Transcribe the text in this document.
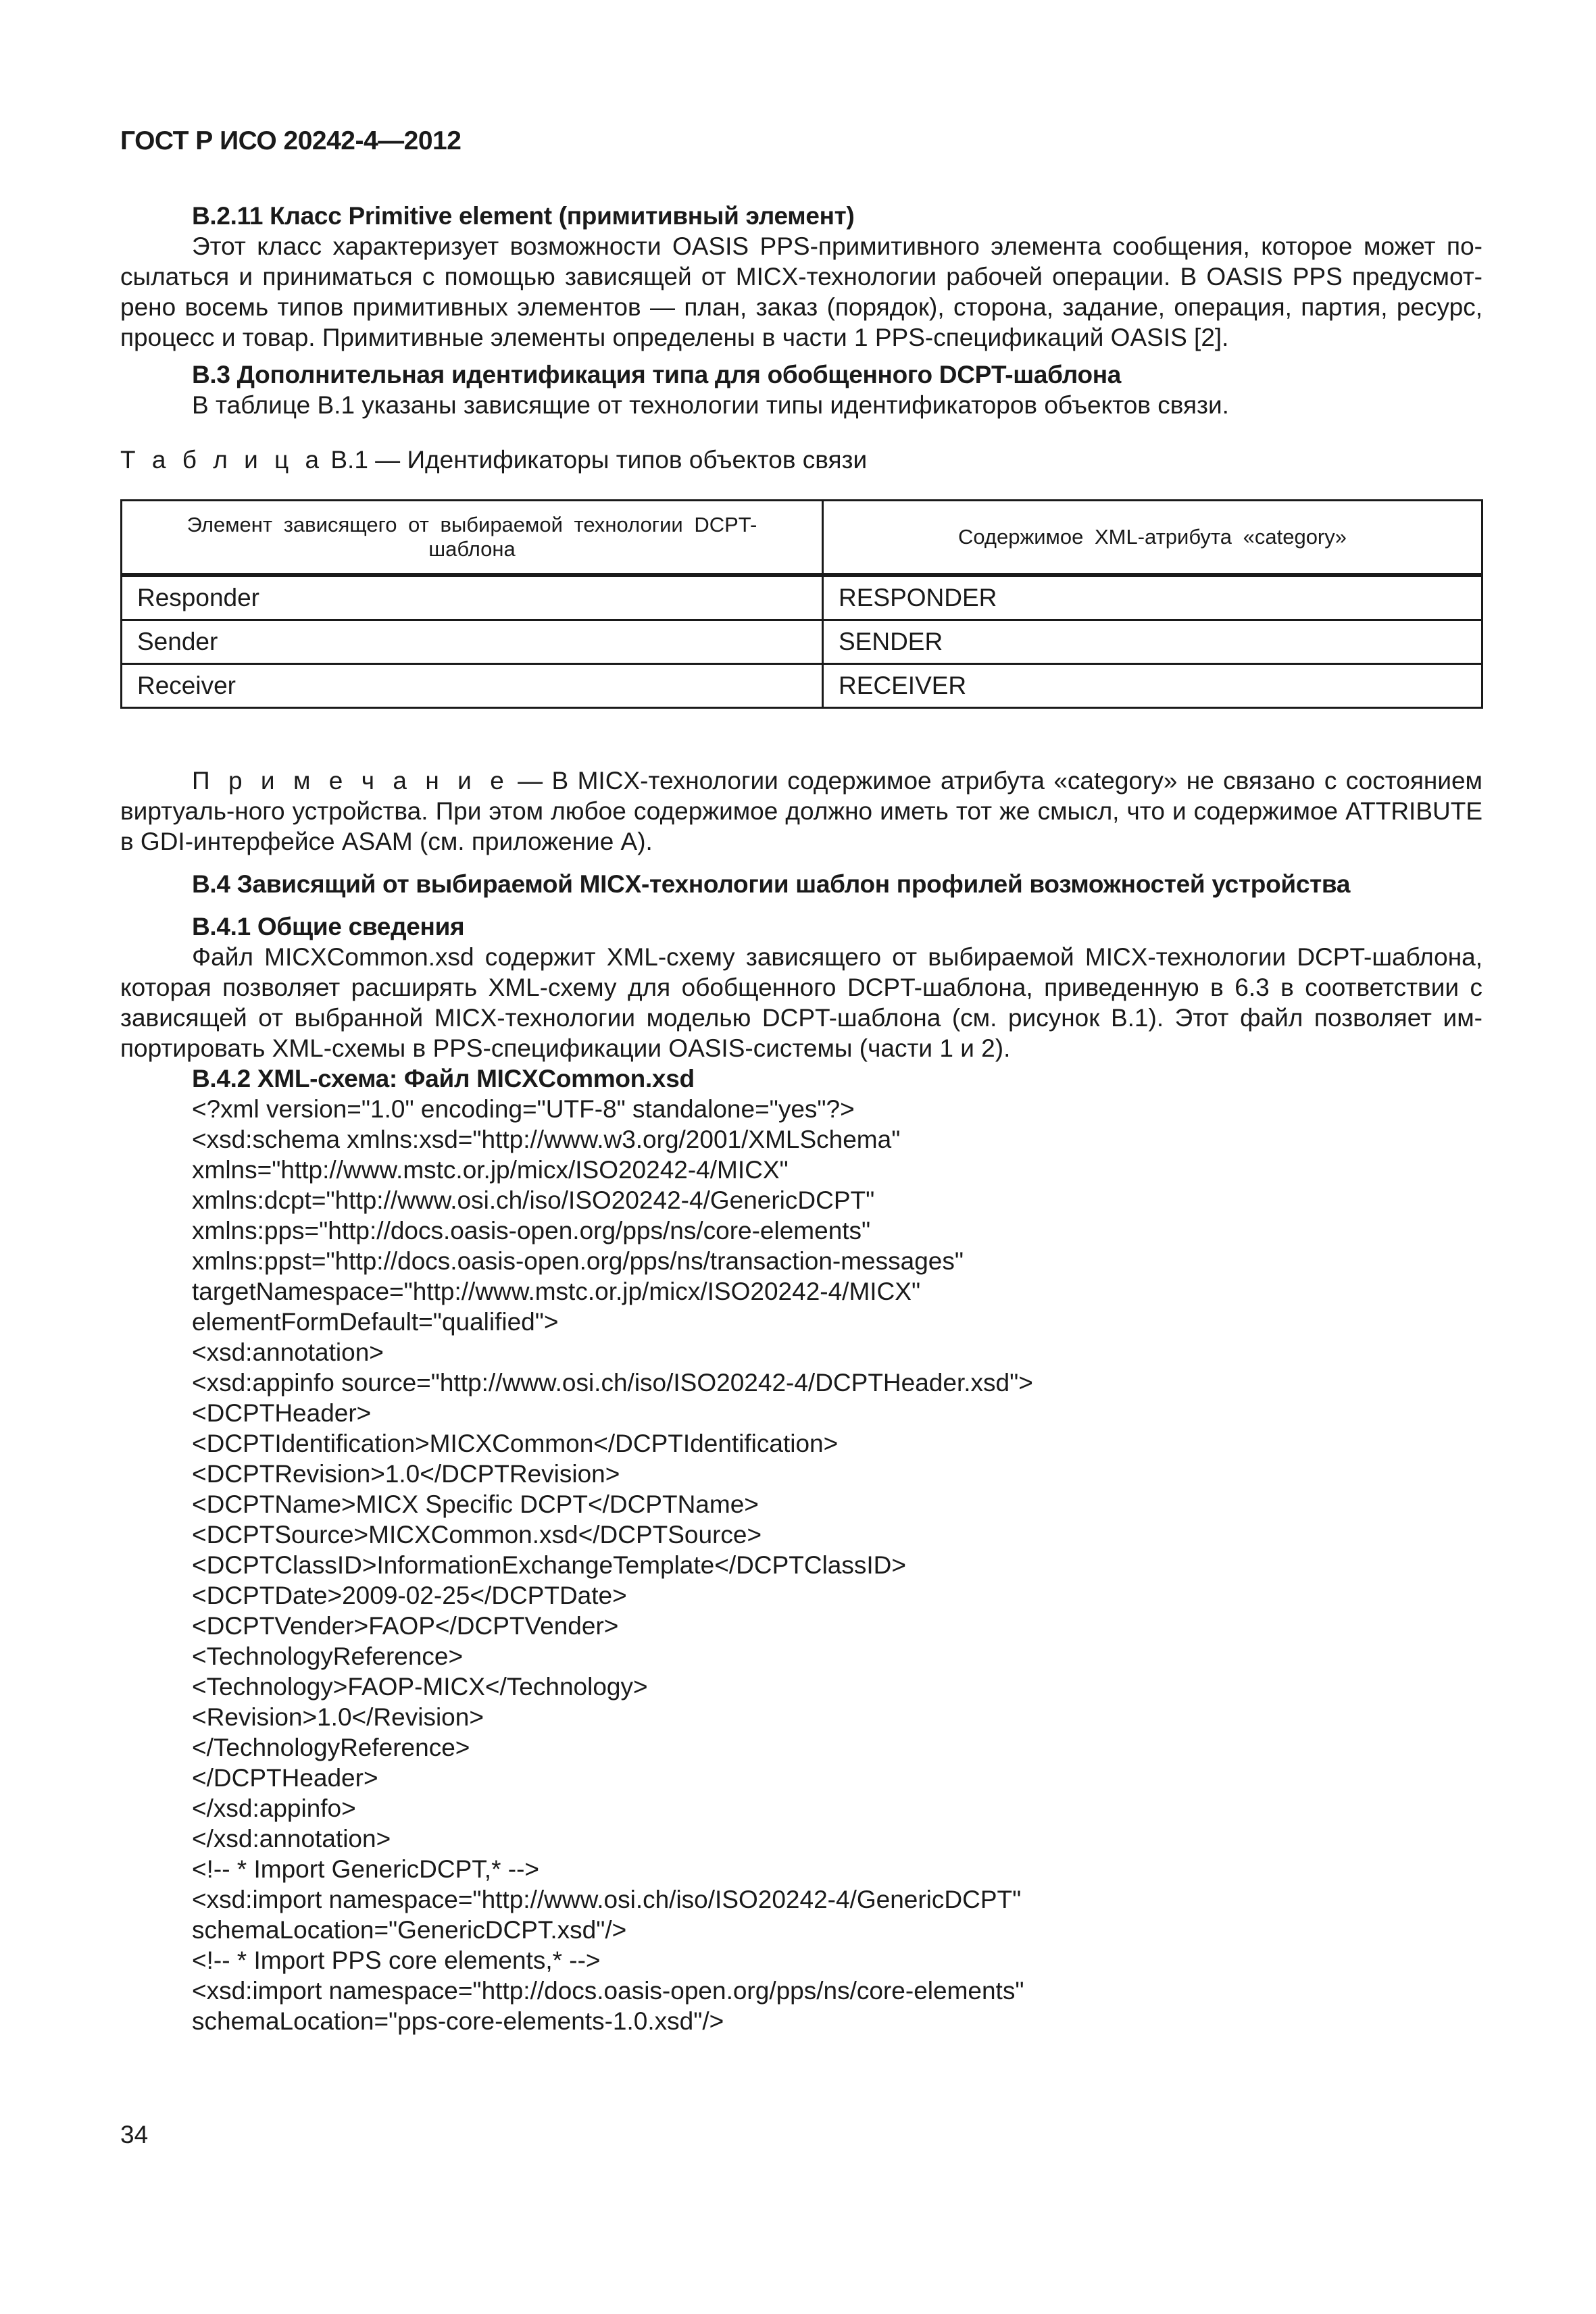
ГОСТ Р ИСО 20242-4—2012

В.2.11 Класс Primitive element (примитивный элемент)

Этот класс характеризует возможности OASIS PPS-примитивного элемента сообщения, которое может по-сылаться и приниматься с помощью зависящей от MICX-технологии рабочей операции. В OASIS PPS предусмот-рено восемь типов примитивных элементов — план, заказ (порядок), сторона, задание, операция, партия, ресурс, процесс и товар. Примитивные элементы определены в части 1 PPS-спецификаций OASIS [2].

В.3 Дополнительная идентификация типа для обобщенного DCPT-шаблона

В таблице В.1 указаны зависящие от технологии типы идентификаторов объектов связи.

Т а б л и ц а В.1 — Идентификаторы типов объектов связи

Элемент зависящего от выбираемой технологии DCPT-шаблона	Содержимое XML-атрибута «category»
Responder	RESPONDER
Sender	SENDER
Receiver	RECEIVER

П р и м е ч а н и е — В MICX-технологии содержимое атрибута «category» не связано с состоянием виртуаль-ного устройства. При этом любое содержимое должно иметь тот же смысл, что и содержимое ATTRIBUTE в GDI-интерфейсе ASAM (см. приложение А).

В.4 Зависящий от выбираемой MICX-технологии шаблон профилей возможностей устройства

В.4.1 Общие сведения

Файл MICXCommon.xsd содержит XML-схему зависящего от выбираемой MICX-технологии DCPT-шаблона, которая позволяет расширять XML-схему для обобщенного DCPT-шаблона, приведенную в 6.3 в соответствии с зависящей от выбранной MICX-технологии моделью DCPT-шаблона (см. рисунок В.1). Этот файл позволяет им-портировать XML-схемы в PPS-спецификации OASIS-системы (части 1 и 2).

В.4.2 XML-схема: Файл MICXCommon.xsd

<?xml version="1.0" encoding="UTF-8" standalone="yes"?>
<xsd:schema xmlns:xsd="http://www.w3.org/2001/XMLSchema"
xmlns="http://www.mstc.or.jp/micx/ISO20242-4/MICX"
xmlns:dcpt="http://www.osi.ch/iso/ISO20242-4/GenericDCPT"
xmlns:pps="http://docs.oasis-open.org/pps/ns/core-elements"
xmlns:ppst="http://docs.oasis-open.org/pps/ns/transaction-messages"
targetNamespace="http://www.mstc.or.jp/micx/ISO20242-4/MICX"
elementFormDefault="qualified">
<xsd:annotation>
<xsd:appinfo source="http://www.osi.ch/iso/ISO20242-4/DCPTHeader.xsd">
<DCPTHeader>
<DCPTIdentification>MICXCommon</DCPTIdentification>
<DCPTRevision>1.0</DCPTRevision>
<DCPTName>MICX Specific DCPT</DCPTName>
<DCPTSource>MICXCommon.xsd</DCPTSource>
<DCPTClassID>InformationExchangeTemplate</DCPTClassID>
<DCPTDate>2009-02-25</DCPTDate>
<DCPTVender>FAOP</DCPTVender>
<TechnologyReference>
<Technology>FAOP-MICX</Technology>
<Revision>1.0</Revision>
</TechnologyReference>
</DCPTHeader>
</xsd:appinfo>
</xsd:annotation>
<!-- * Import GenericDCPT,* -->
<xsd:import namespace="http://www.osi.ch/iso/ISO20242-4/GenericDCPT"
schemaLocation="GenericDCPT.xsd"/>
<!-- * Import PPS core elements,* -->
<xsd:import namespace="http://docs.oasis-open.org/pps/ns/core-elements"
schemaLocation="pps-core-elements-1.0.xsd"/>
34
